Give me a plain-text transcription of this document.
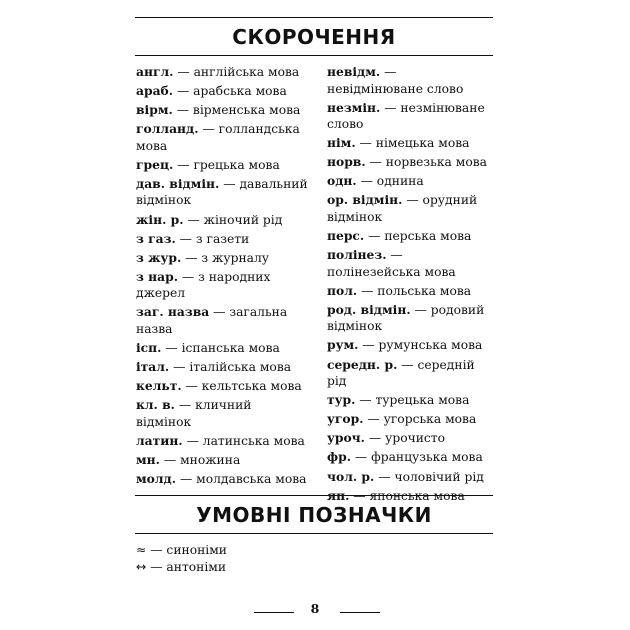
СКОРОЧЕННЯ
англ. — англійська мова
араб. — арабська мова
вірм. — вірменська мова
голланд. — голландська мова
грец. — грецька мова
дав. відмін. — давальний відмінок
жін. р. — жіночий рід
з газ. — з газети
з жур. — з журналу
з нар. — з народних джерел
заг. назва — загальна назва
ісп. — іспанська мова
італ. — італійська мова
кельт. — кельтська мова
кл. в. — кличний відмінок
латин. — латинська мова
мн. — множина
молд. — молдавська мова
невідм. — невідмінюване слово
незмін. — незмінюване слово
нім. — німецька мова
норв. — норвезька мова
одн. — однина
ор. відмін. — орудний відмінок
перс. — перська мова
полінез. — полінезейська мова
пол. — польська мова
род. відмін. — родовий відмінок
рум. — румунська мова
середн. р. — середній рід
тур. — турецька мова
угор. — угорська мова
уроч. — урочисто
фр. — французька мова
чол. р. — чоловічий рід
яп. — японська мова
УМОВНІ ПОЗНАЧКИ
≈ — синоніми
↔ — антоніми
8
